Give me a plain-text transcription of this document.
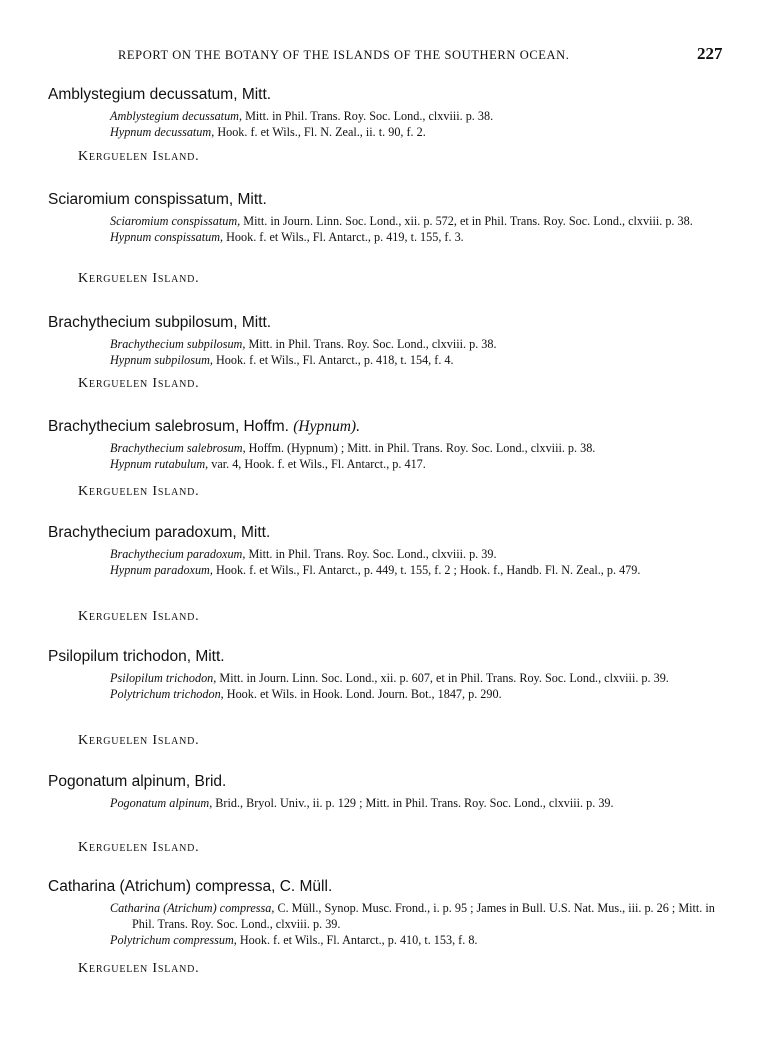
REPORT ON THE BOTANY OF THE ISLANDS OF THE SOUTHERN OCEAN.	227
Amblystegium decussatum, Mitt.
Amblystegium decussatum, Mitt. in Phil. Trans. Roy. Soc. Lond., clxviii. p. 38.
Hypnum decussatum, Hook. f. et Wils., Fl. N. Zeal., ii. t. 90, f. 2.
Kerguelen Island.
Sciaromium conspissatum, Mitt.
Sciaromium conspissatum, Mitt. in Journ. Linn. Soc. Lond., xii. p. 572, et in Phil. Trans. Roy. Soc. Lond., clxviii. p. 38.
Hypnum conspissatum, Hook. f. et Wils., Fl. Antarct., p. 419, t. 155, f. 3.
Kerguelen Island.
Brachythecium subpilosum, Mitt.
Brachythecium subpilosum, Mitt. in Phil. Trans. Roy. Soc. Lond., clxviii. p. 38.
Hypnum subpilosum, Hook. f. et Wils., Fl. Antarct., p. 418, t. 154, f. 4.
Kerguelen Island.
Brachythecium salebrosum, Hoffm. (Hypnum).
Brachythecium salebrosum, Hoffm. (Hypnum) ; Mitt. in Phil. Trans. Roy. Soc. Lond., clxviii. p. 38.
Hypnum rutabulum, var. 4, Hook. f. et Wils., Fl. Antarct., p. 417.
Kerguelen Island.
Brachythecium paradoxum, Mitt.
Brachythecium paradoxum, Mitt. in Phil. Trans. Roy. Soc. Lond., clxviii. p. 39.
Hypnum paradoxum, Hook. f. et Wils., Fl. Antarct., p. 449, t. 155, f. 2 ; Hook. f., Handb. Fl. N. Zeal., p. 479.
Kerguelen Island.
Psilopilum trichodon, Mitt.
Psilopilum trichodon, Mitt. in Journ. Linn. Soc. Lond., xii. p. 607, et in Phil. Trans. Roy. Soc. Lond., clxviii. p. 39.
Polytrichum trichodon, Hook. et Wils. in Hook. Lond. Journ. Bot., 1847, p. 290.
Kerguelen Island.
Pogonatum alpinum, Brid.
Pogonatum alpinum, Brid., Bryol. Univ., ii. p. 129 ; Mitt. in Phil. Trans. Roy. Soc. Lond., clxviii. p. 39.
Kerguelen Island.
Catharina (Atrichum) compressa, C. Müll.
Catharina (Atrichum) compressa, C. Müll., Synop. Musc. Frond., i. p. 95 ; James in Bull. U.S. Nat. Mus., iii. p. 26 ; Mitt. in Phil. Trans. Roy. Soc. Lond., clxviii. p. 39.
Polytrichum compressum, Hook. f. et Wils., Fl. Antarct., p. 410, t. 153, f. 8.
Kerguelen Island.
